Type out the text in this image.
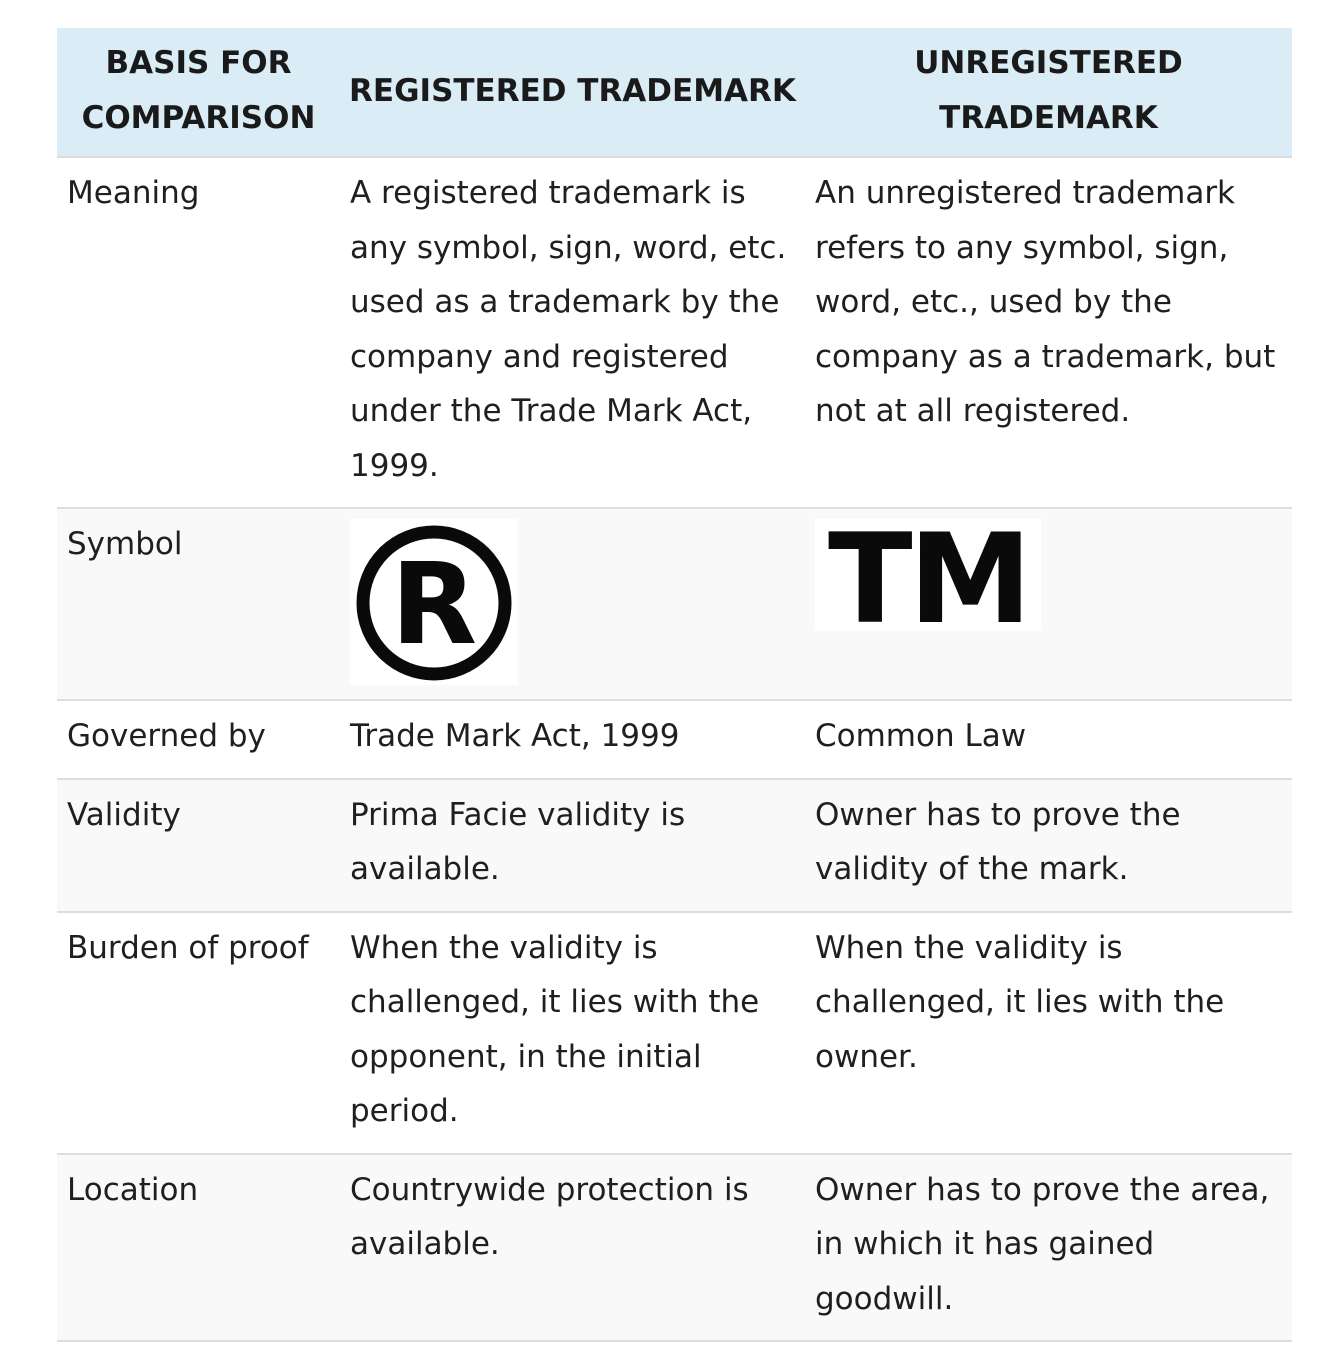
BASIS FOR COMPARISON	REGISTERED TRADEMARK	UNREGISTERED TRADEMARK
Meaning	A registered trademark is any symbol, sign, word, etc. used as a trademark by the company and registered under the Trade Mark Act, 1999.	An unregistered trademark refers to any symbol, sign, word, etc., used by the company as a trademark, but not at all registered.
Symbol	R	TM

Governed by	Trade Mark Act, 1999	Common Law
Validity	Prima Facie validity is available.	Owner has to prove the validity of the mark.
Burden of proof	When the validity is challenged, it lies with the opponent, in the initial period.	When the validity is challenged, it lies with the owner.
Location	Countrywide protection is available.	Owner has to prove the area, in which it has gained goodwill.
